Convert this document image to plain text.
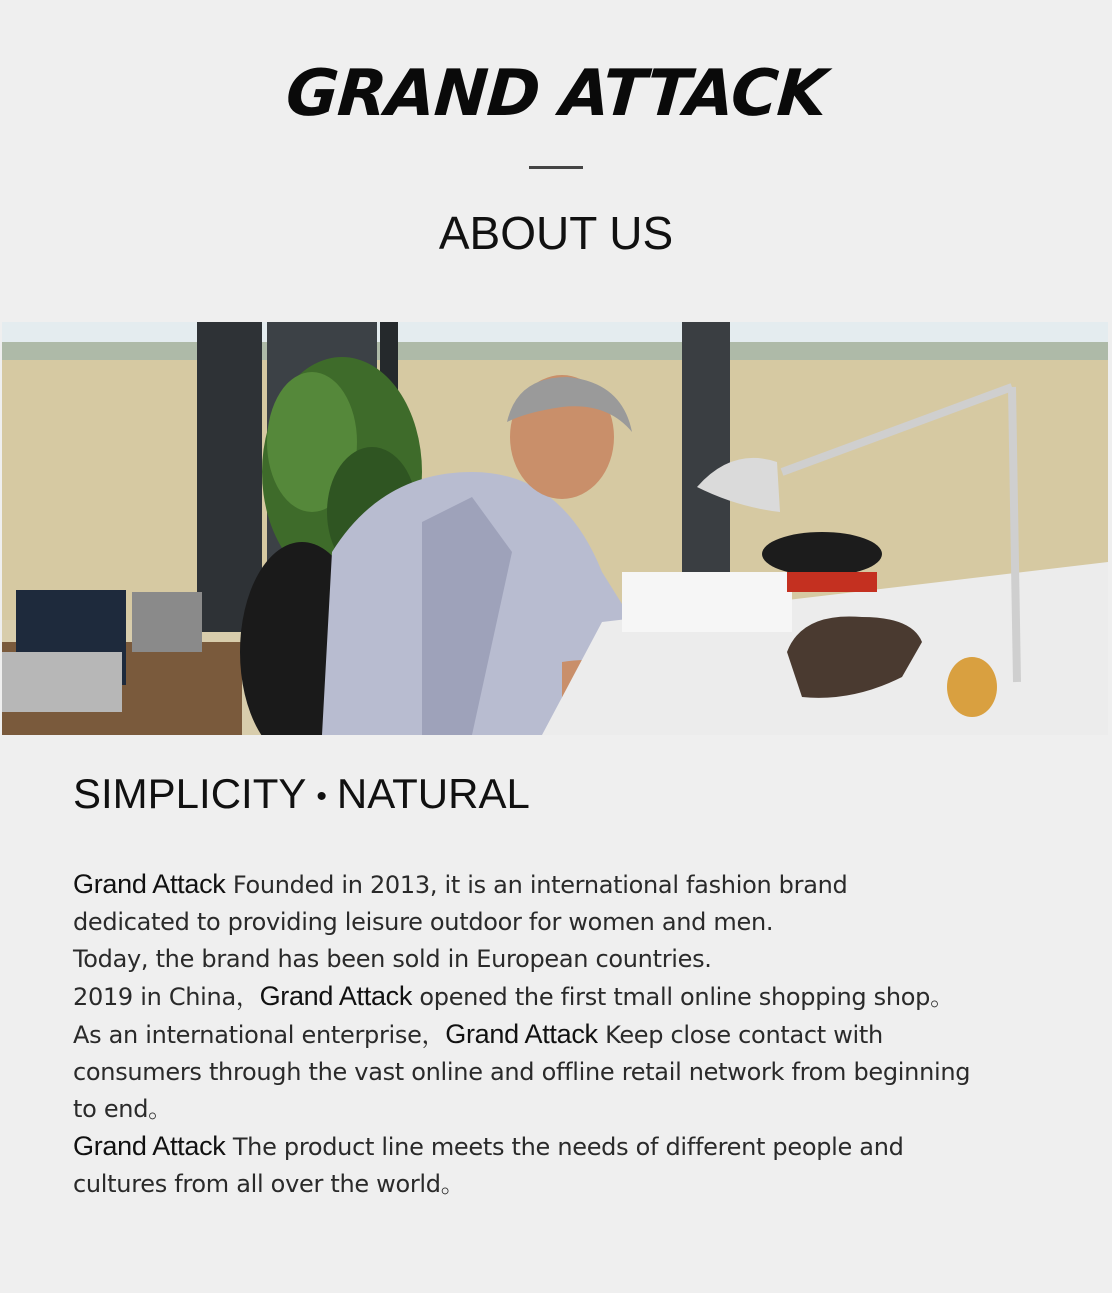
GRAND ATTACK
ABOUT US
SIMPLICITY • NATURAL

Grand Attack Founded in 2013, it is an international fashion brand

dedicated to providing leisure outdoor for women and men.

Today, the brand has been sold in European countries.

2019 in China，Grand Attack opened the first tmall online shopping shop。

As an international enterprise，Grand Attack Keep close contact with

consumers through the vast online and offline retail network from beginning

to end。

Grand Attack The product line meets the needs of different people and

cultures from all over the world。
